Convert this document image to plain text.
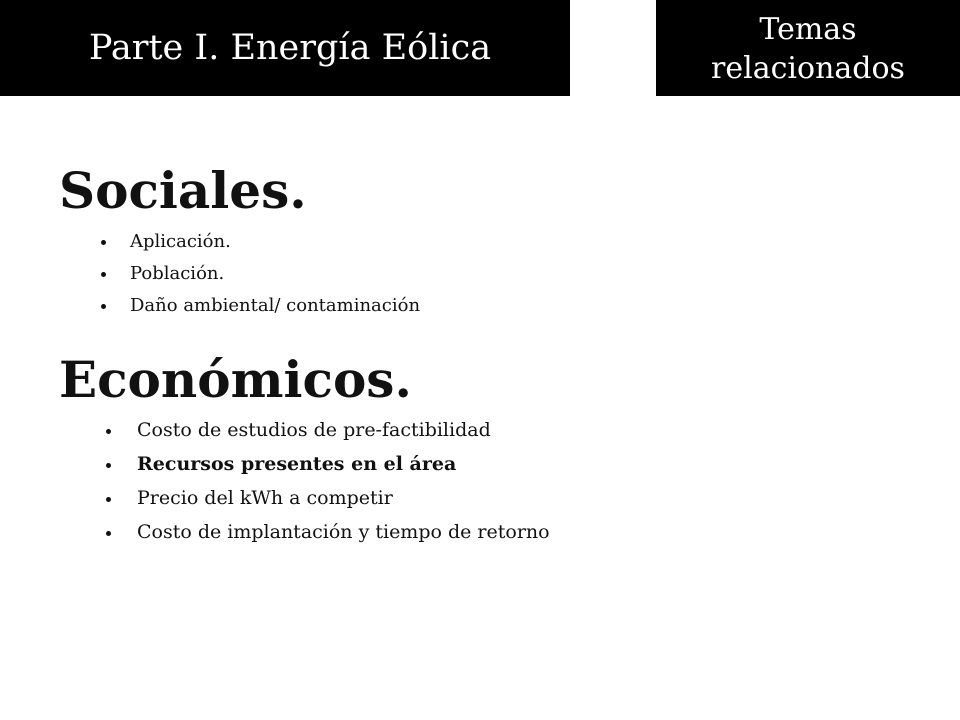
Parte I. Energía Eólica	Temas relacionados
Sociales.
Aplicación.
Población.
Daño ambiental/ contaminación
Económicos.
Costo de estudios de pre-factibilidad
Recursos presentes en el área
Precio del kWh a competir
Costo de implantación y tiempo de retorno
